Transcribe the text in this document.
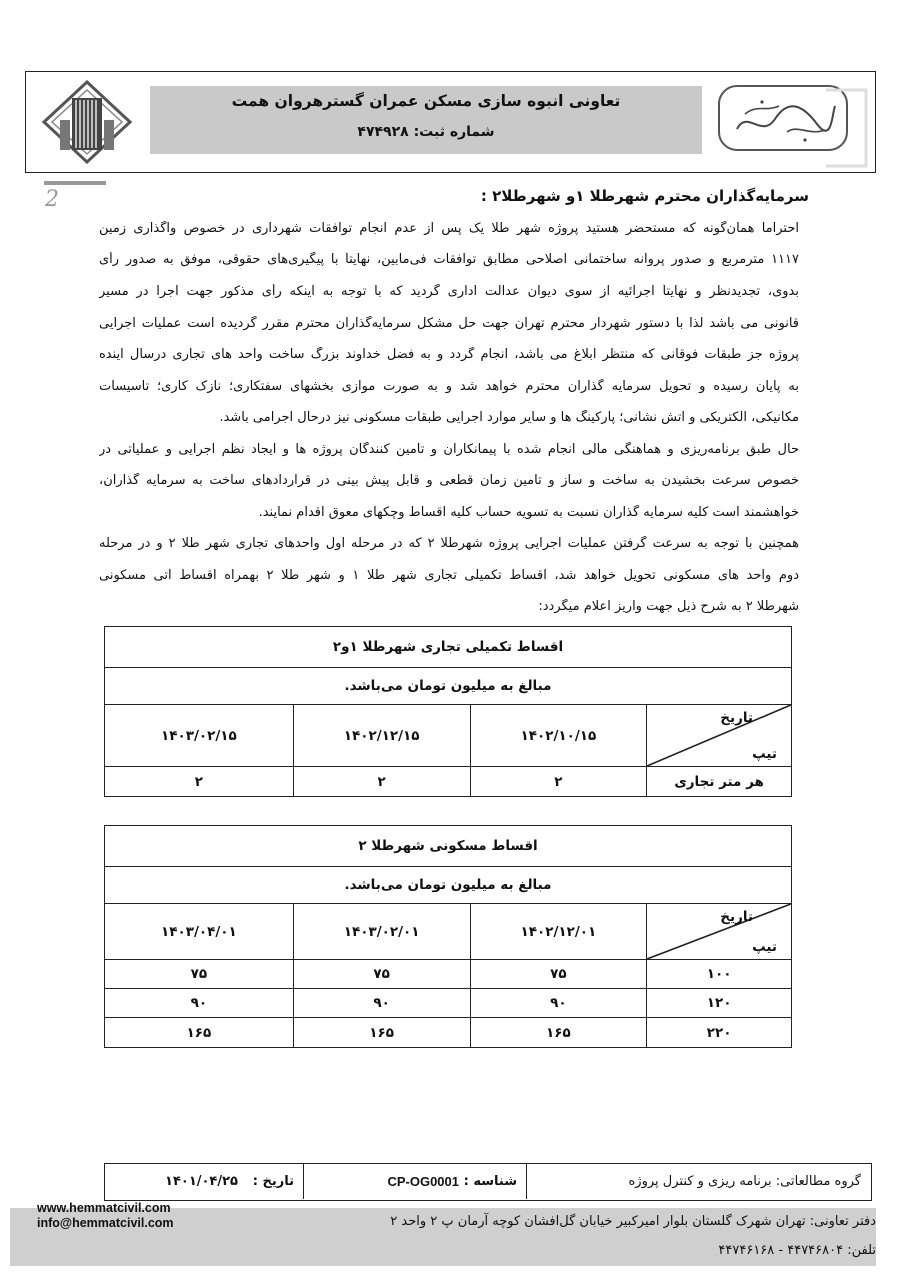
تعاونی انبوه سازی مسکن عمران گسترهروان همت
شماره ثبت: ۴۷۴۹۲۸
2	سرمایه‌گذاران محترم شهرطلا ۱و شهرطلا۲ :
احتراما همان‌گونه که مستحضر هستید پروژه شهر طلا یک پس از عدم انجام توافقات شهرداری در خصوص واگذاری زمین
۱۱۱۷ مترمربع و صدور پروانه ساختمانی اصلاحی مطابق توافقات فی‌مابین، نهایتاً با پیگیری‌های حقوقی، موفق به صدور رأی
بدوی، تجدیدنظر و نهایتاً اجرائیه از سوی دیوان عدالت اداری گردید که با توجه به اینکه رأی مذکور جهت اجرا در مسیر
قانونی می باشد لذا با دستور شهردار محترم تهران جهت حل مشکل سرمایه‌گذاران محترم مقرر گردیده است عملیات اجرایی
پروژه جز طبقات فوقانی که منتظر ابلاغ می باشد، انجام گردد و به فضل خداوند بزرگ ساخت واحد های تجاری درسال آینده
به پایان رسیده و تحویل سرمایه گذاران محترم خواهد شد و به صورت موازی بخشهای سفتکاری؛ نازک کاری؛ تاسیسات
مکانیکی، الکتریکی و آتش نشانی؛ پارکینگ ها و سایر موارد اجرایی طبقات مسکونی نیز درحال اجرامی باشد.
حال طبق برنامه‌ریزی و هماهنگی مالی انجام شده با پیمانکاران و تامین کنندگان پروژه ها و ایجاد نظم اجرایی و عملیاتی در
خصوص سرعت بخشیدن به ساخت و ساز و تامین زمان قطعی و قابل پیش بینی در قراردادهای ساخت به سرمایه گذاران،
خواهشمند است کلیه سرمایه گذاران نسبت به تسویه حساب کلیه اقساط وچکهای معوق اقدام نمایند.
همچنین با توجه به سرعت گرفتن عملیات اجرایی پروژه شهرطلا ۲ که در مرحله اول واحدهای تجاری شهر طلا ۲ و در مرحله
دوم واحد های مسکونی تحویل خواهد شد، اقساط تکمیلی تجاری شهر طلا ۱ و شهر طلا ۲ بهمراه اقساط آتی مسکونی
شهرطلا ۲ به شرح ذیل جهت واریز اعلام میگردد:
اقساط تکمیلی تجاری شهرطلا ۱و۲			
مبالغ به میلیون تومان می‌باشد.			

تاریخ
تیپ	۱۴۰۲/۱۰/۱۵	۱۴۰۲/۱۲/۱۵	۱۴۰۳/۰۲/۱۵
هر متر تجاری	۲	۲	۲
اقساط مسکونی شهرطلا ۲			
مبالغ به میلیون تومان می‌باشد.			

تاریخ
تیپ	۱۴۰۲/۱۲/۰۱	۱۴۰۳/۰۲/۰۱	۱۴۰۳/۰۴/۰۱
۱۰۰	۷۵	۷۵	۷۵
۱۲۰	۹۰	۹۰	۹۰
۲۲۰	۱۶۵	۱۶۵	۱۶۵
گروه مطالعاتی: برنامه ریزی و کنترل پروژه
شناسه :
CP-OG0001
تاریخ :
۱۴۰۱/۰۴/۲۵
www.hemmatcivil.com
info@hemmatcivil.com	دفتر تعاونی: تهران شهرک گلستان بلوار امیرکبیر خیابان گل‌افشان کوچه آرمان پ ۲ واحد ۲
تلفن: ۴۴۷۴۶۸۰۴ - ۴۴۷۴۶۱۶۸
